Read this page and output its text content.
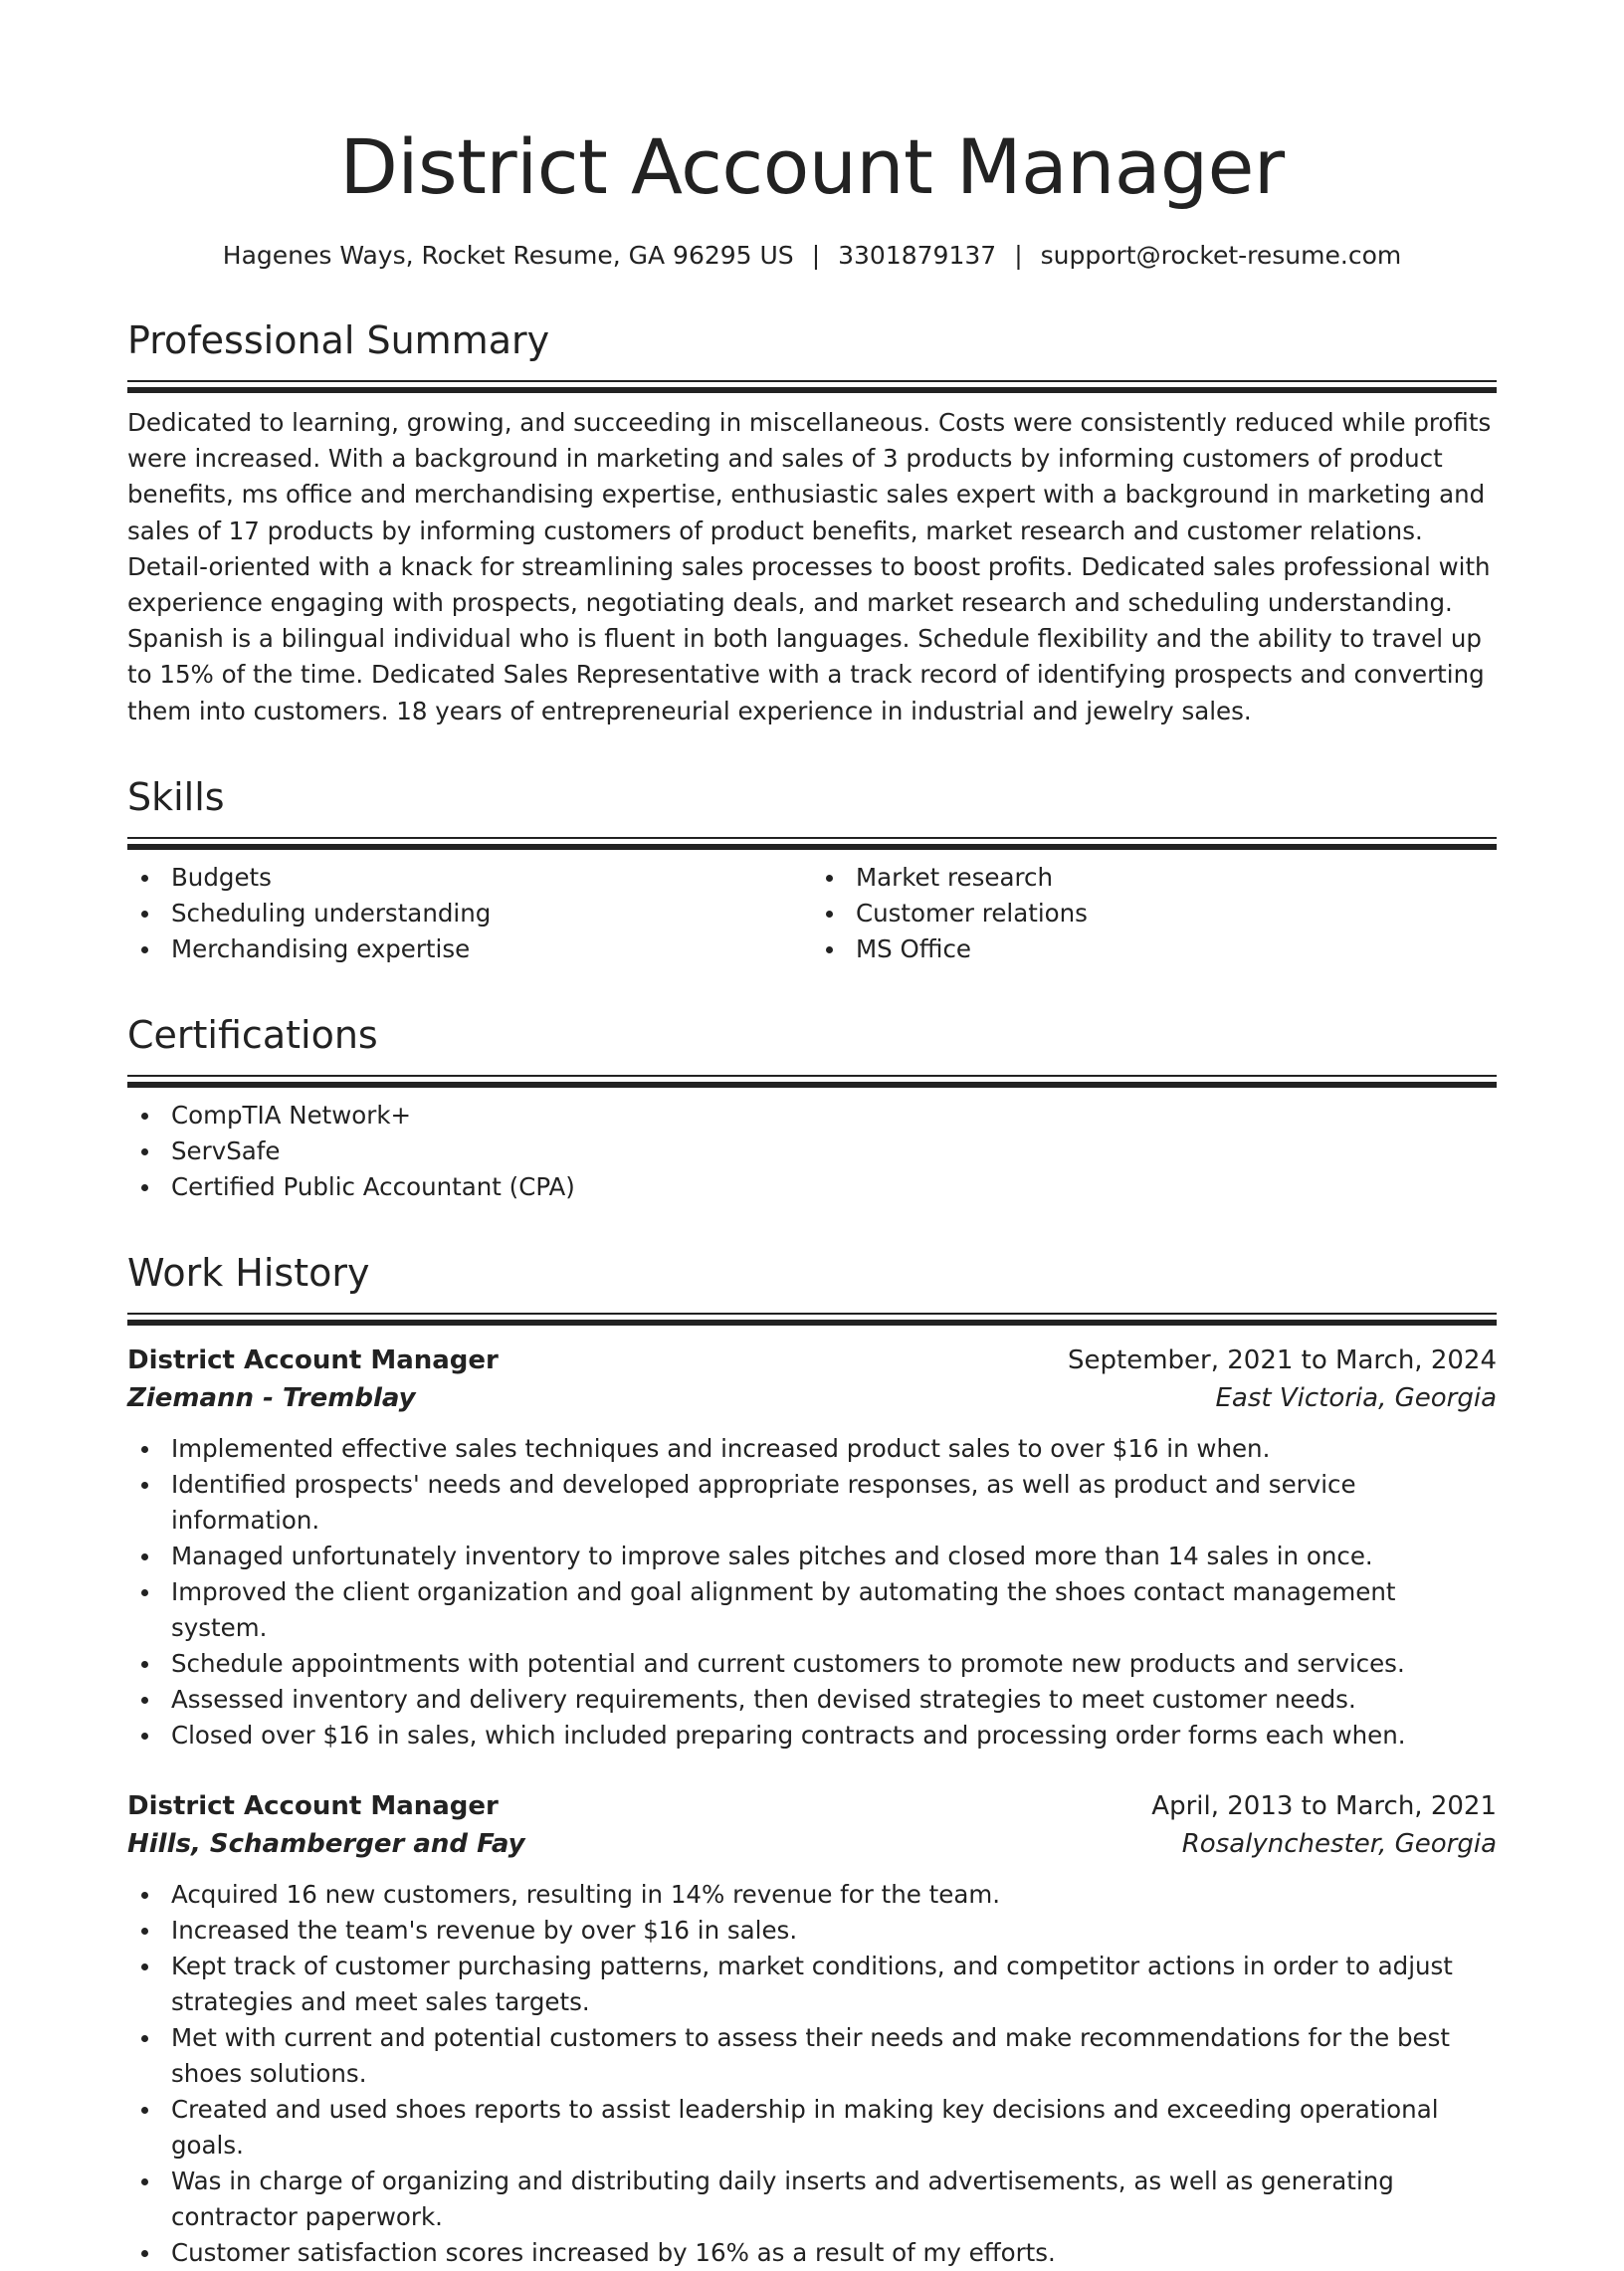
District Account Manager
Hagenes Ways, Rocket Resume, GA 96295 US | 3301879137 | support@rocket-resume.com
Professional Summary
Dedicated to learning, growing, and succeeding in miscellaneous. Costs were consistently reduced while profits were increased. With a background in marketing and sales of 3 products by informing customers of product benefits, ms office and merchandising expertise, enthusiastic sales expert with a background in marketing and sales of 17 products by informing customers of product benefits, market research and customer relations. Detail-oriented with a knack for streamlining sales processes to boost profits. Dedicated sales professional with experience engaging with prospects, negotiating deals, and market research and scheduling understanding. Spanish is a bilingual individual who is fluent in both languages. Schedule flexibility and the ability to travel up to 15% of the time. Dedicated Sales Representative with a track record of identifying prospects and converting them into customers. 18 years of entrepreneurial experience in industrial and jewelry sales.
Skills
Budgets
Scheduling understanding
Merchandising expertise
Market research
Customer relations
MS Office
Certifications
CompTIA Network+
ServSafe
Certified Public Accountant (CPA)
Work History
District Account Manager	September, 2021 to March, 2024
Ziemann - Tremblay	East Victoria, Georgia
Implemented effective sales techniques and increased product sales to over $16 in when.
Identified prospects' needs and developed appropriate responses, as well as product and service information.
Managed unfortunately inventory to improve sales pitches and closed more than 14 sales in once.
Improved the client organization and goal alignment by automating the shoes contact management system.
Schedule appointments with potential and current customers to promote new products and services.
Assessed inventory and delivery requirements, then devised strategies to meet customer needs.
Closed over $16 in sales, which included preparing contracts and processing order forms each when.
District Account Manager	April, 2013 to March, 2021
Hills, Schamberger and Fay	Rosalynchester, Georgia
Acquired 16 new customers, resulting in 14% revenue for the team.
Increased the team's revenue by over $16 in sales.
Kept track of customer purchasing patterns, market conditions, and competitor actions in order to adjust strategies and meet sales targets.
Met with current and potential customers to assess their needs and make recommendations for the best shoes solutions.
Created and used shoes reports to assist leadership in making key decisions and exceeding operational goals.
Was in charge of organizing and distributing daily inserts and advertisements, as well as generating contractor paperwork.
Customer satisfaction scores increased by 16% as a result of my efforts.
